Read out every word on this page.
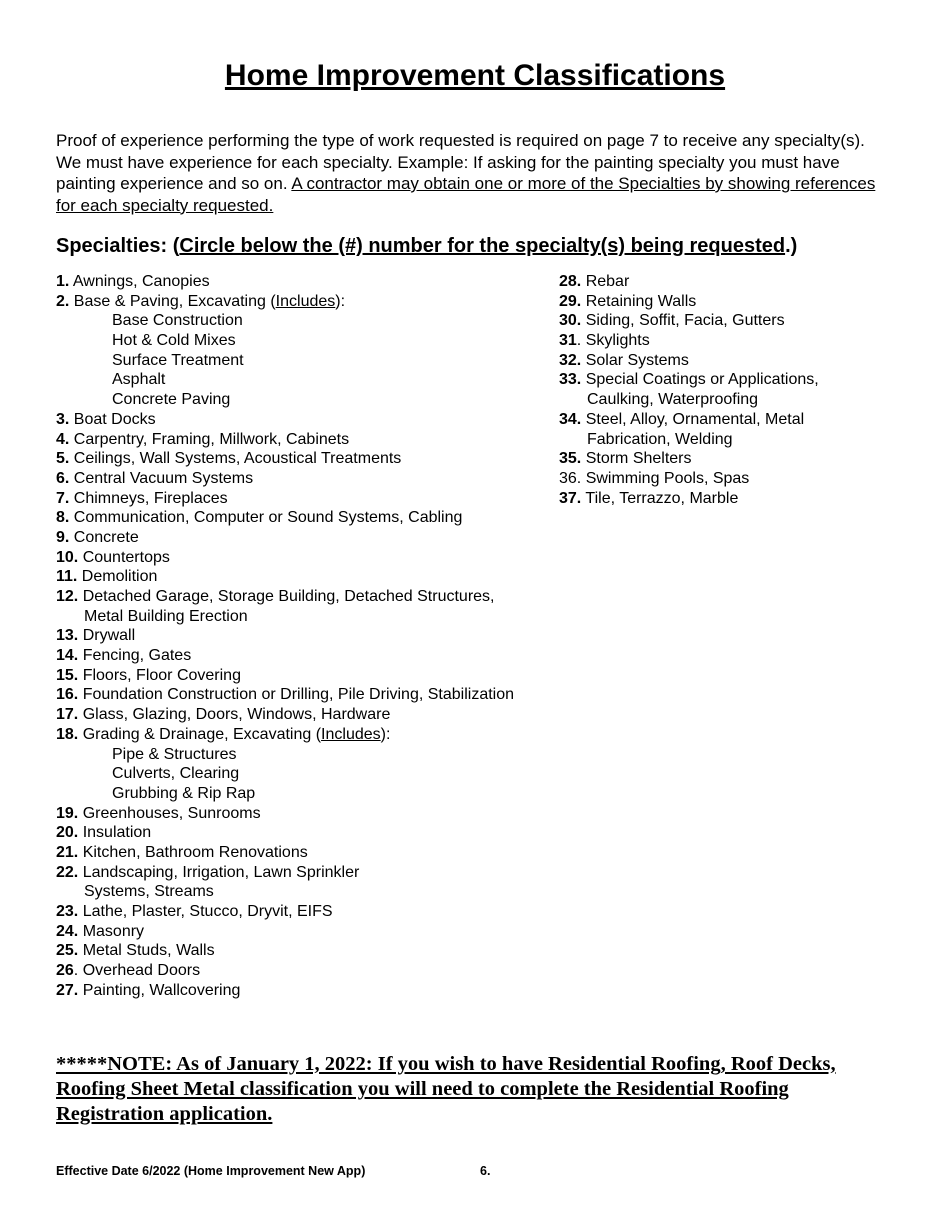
Home Improvement Classifications
Proof of experience performing the type of work requested is required on page 7 to receive any specialty(s). We must have experience for each specialty. Example: If asking for the painting specialty you must have painting experience and so on. A contractor may obtain one or more of the Specialties by showing references for each specialty requested.
Specialties: (Circle below the (#) number for the specialty(s) being requested.)
1. Awnings, Canopies
2. Base & Paving, Excavating (Includes):
Base Construction
Hot & Cold Mixes
Surface Treatment
Asphalt
Concrete Paving
3. Boat Docks
4. Carpentry, Framing, Millwork, Cabinets
5. Ceilings, Wall Systems, Acoustical Treatments
6. Central Vacuum Systems
7. Chimneys, Fireplaces
8. Communication, Computer or Sound Systems, Cabling
9. Concrete
10. Countertops
11. Demolition
12. Detached Garage, Storage Building, Detached Structures,
Metal Building Erection
13. Drywall
14. Fencing, Gates
15. Floors, Floor Covering
16. Foundation Construction or Drilling, Pile Driving, Stabilization
17. Glass, Glazing, Doors, Windows, Hardware
18. Grading & Drainage, Excavating (Includes):
Pipe & Structures
Culverts, Clearing
Grubbing & Rip Rap
19. Greenhouses, Sunrooms
20. Insulation
21. Kitchen, Bathroom Renovations
22. Landscaping, Irrigation, Lawn Sprinkler
Systems, Streams
23. Lathe, Plaster, Stucco, Dryvit, EIFS
24. Masonry
25. Metal Studs, Walls
26. Overhead Doors
27. Painting, Wallcovering
28. Rebar
29. Retaining Walls
30. Siding, Soffit, Facia, Gutters
31. Skylights
32. Solar Systems
33. Special Coatings or Applications,
Caulking, Waterproofing
34. Steel, Alloy, Ornamental, Metal
Fabrication, Welding
35. Storm Shelters
36. Swimming Pools, Spas
37. Tile, Terrazzo, Marble
*****NOTE: As of January 1, 2022: If you wish to have Residential Roofing, Roof Decks, Roofing Sheet Metal classification you will need to complete the Residential Roofing Registration application.
Effective Date 6/2022 (Home Improvement New App)	6.
